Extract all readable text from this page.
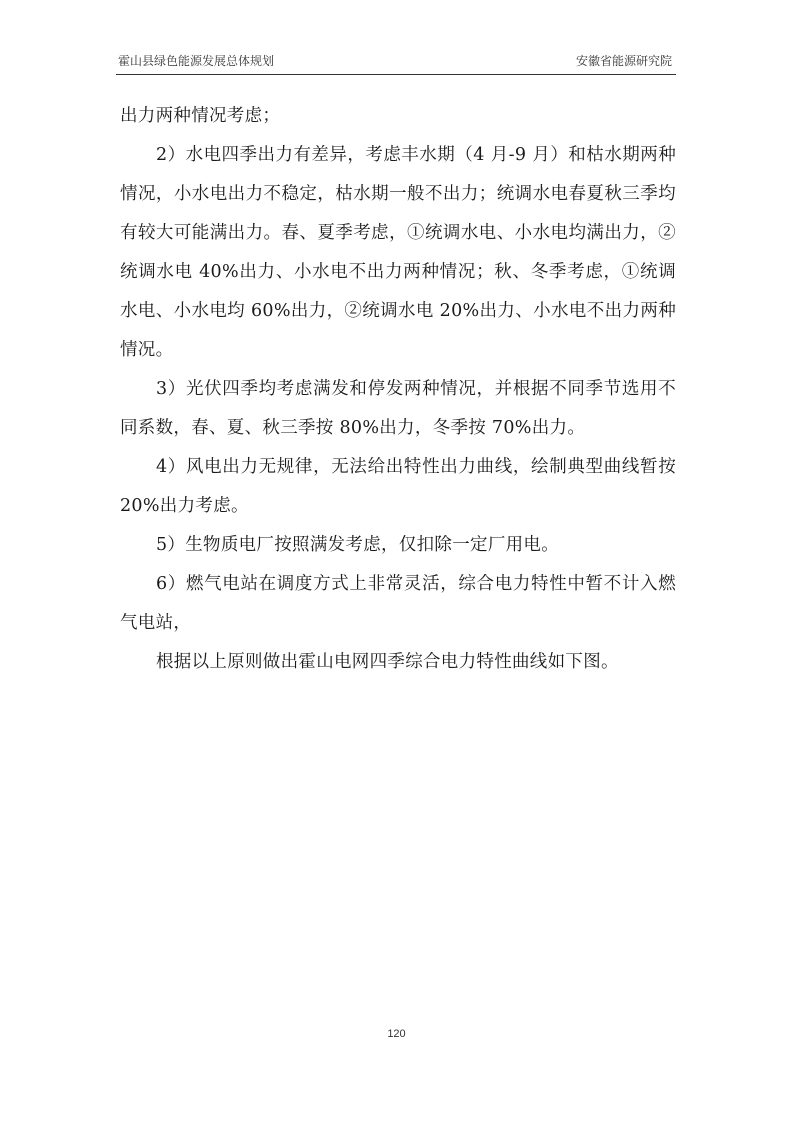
霍山县绿色能源发展总体规划	安徽省能源研究院

出力两种情况考虑；

2）水电四季出力有差异，考虑丰水期（4 月-9 月）和枯水期两种情况，小水电出力不稳定，枯水期一般不出力；统调水电春夏秋三季均有较大可能满出力。春、夏季考虑，①统调水电、小水电均满出力，②统调水电 40%出力、小水电不出力两种情况；秋、冬季考虑，①统调水电、小水电均 60%出力，②统调水电 20%出力、小水电不出力两种情况。

3）光伏四季均考虑满发和停发两种情况，并根据不同季节选用不同系数，春、夏、秋三季按 80%出力，冬季按 70%出力。

4）风电出力无规律，无法给出特性出力曲线，绘制典型曲线暂按 20%出力考虑。

5）生物质电厂按照满发考虑，仅扣除一定厂用电。

6）燃气电站在调度方式上非常灵活，综合电力特性中暂不计入燃气电站，

根据以上原则做出霍山电网四季综合电力特性曲线如下图。

120
